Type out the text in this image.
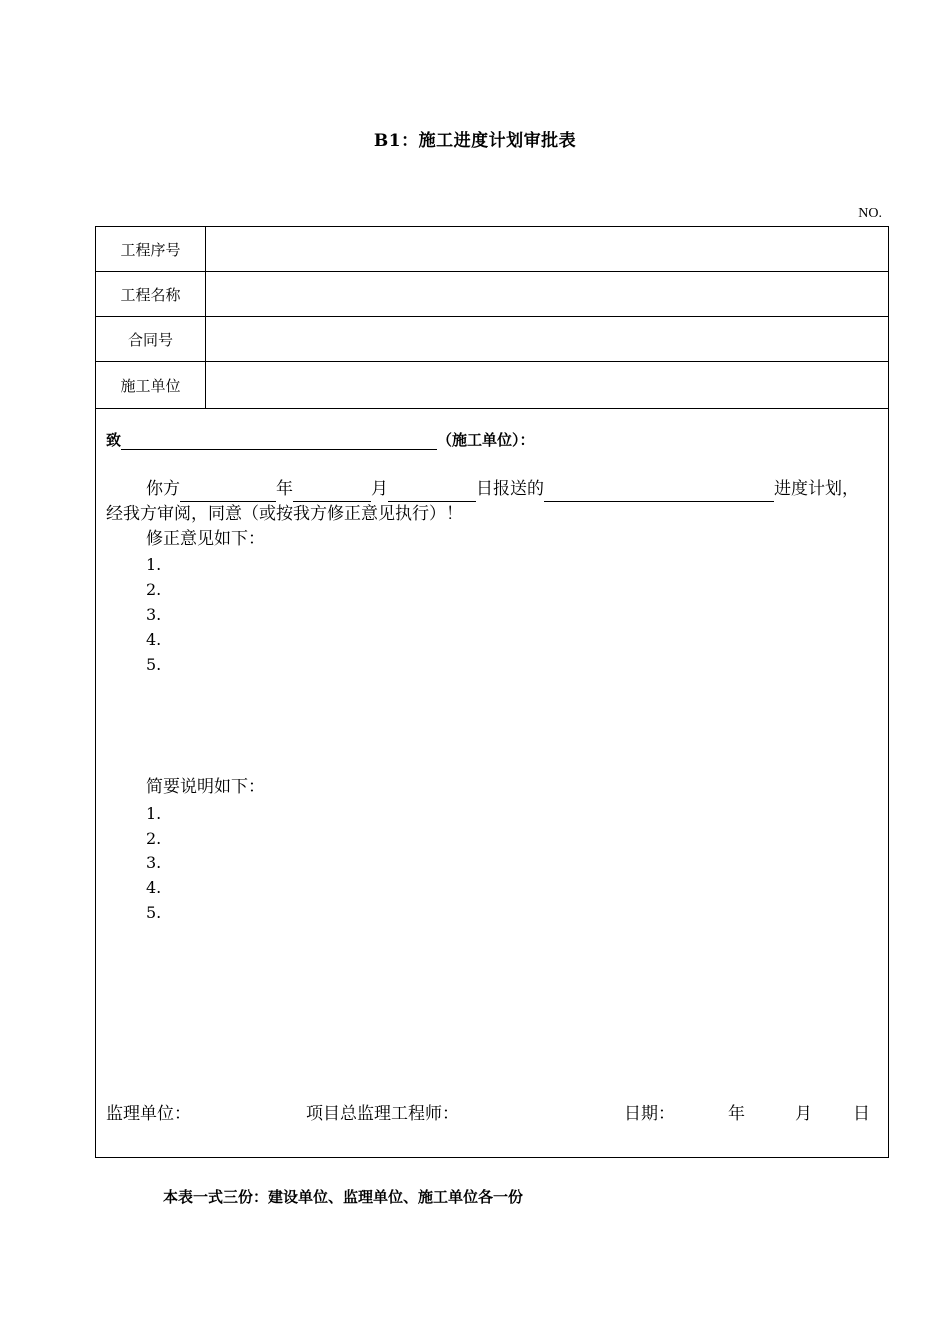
B1：施工进度计划审批表
NO.
工程序号
工程名称
合同号
施工单位
致	（施工单位）：
你方	年	月	日报送的	进度计划，
经我方审阅，同意（或按我方修正意见执行）！
修正意见如下：
1.
2.
3.
4.
5.
简要说明如下：
1.
2.
3.
4.
5.
监理单位：	项目总监理工程师：	日期：	年	月 日
本表一式三份：建设单位、监理单位、施工单位各一份
